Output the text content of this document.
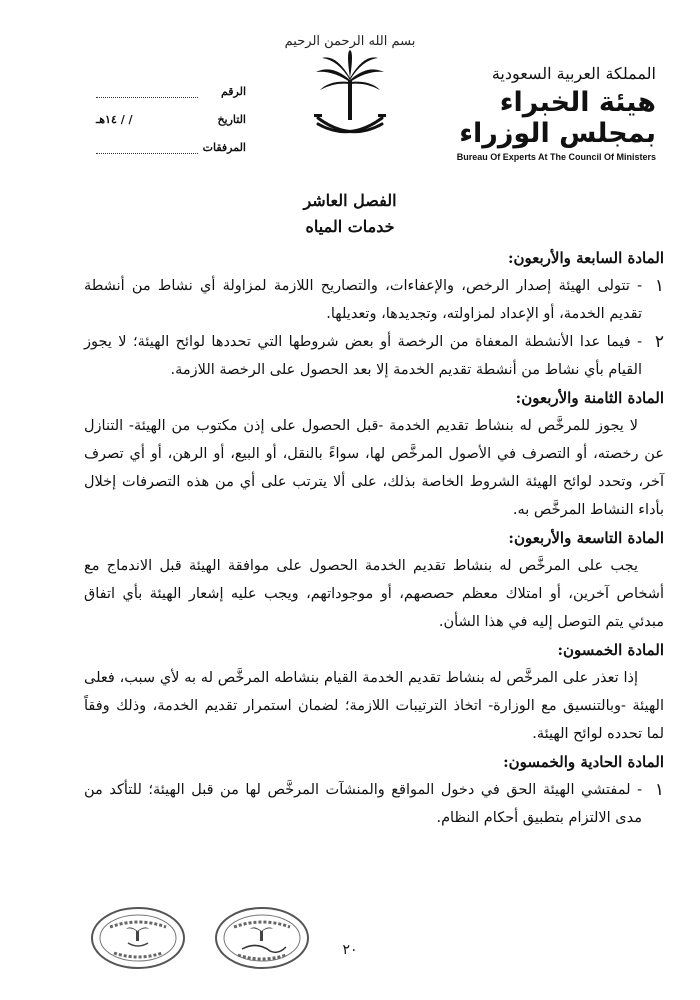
بسم الله الرحمن الرحيم
الرقم
التاريخ
/ / ١٤هـ
المرفقات
المملكة العربية السعودية
هيئة الخبراء بمجلس الوزراء
Bureau Of Experts At The Council Of Ministers
الفصل العاشر
خدمات المياه

المادة السابعة والأربعون:

١
- تتولى الهيئة إصدار الرخص، والإعفاءات، والتصاريح اللازمة لمزاولة أي نشاط من أنشطة تقديم الخدمة، أو الإعداد لمزاولته، وتجديدها، وتعديلها.
٢
- فيما عدا الأنشطة المعفاة من الرخصة أو بعض شروطها التي تحددها لوائح الهيئة؛ لا يجوز القيام بأي نشاط من أنشطة تقديم الخدمة إلا بعد الحصول على الرخصة اللازمة.

المادة الثامنة والأربعون:

لا يجوز للمرخَّص له بنشاط تقديم الخدمة -قبل الحصول على إذن مكتوب من الهيئة- التنازل عن رخصته، أو التصرف في الأصول المرخَّص لها، سواءً بالنقل، أو البيع، أو الرهن، أو أي تصرف آخر، وتحدد لوائح الهيئة الشروط الخاصة بذلك، على ألا يترتب على أي من هذه التصرفات إخلال بأداء النشاط المرخَّص به.

المادة التاسعة والأربعون:

يجب على المرخَّص له بنشاط تقديم الخدمة الحصول على موافقة الهيئة قبل الاندماج مع أشخاص آخرين، أو امتلاك معظم حصصهم، أو موجوداتهم، ويجب عليه إشعار الهيئة بأي اتفاق مبدئي يتم التوصل إليه في هذا الشأن.

المادة الخمسون:

إذا تعذر على المرخَّص له بنشاط تقديم الخدمة القيام بنشاطه المرخَّص له به لأي سبب، فعلى الهيئة -وبالتنسيق مع الوزارة- اتخاذ الترتيبات اللازمة؛ لضمان استمرار تقديم الخدمة، وذلك وفقاً لما تحدده لوائح الهيئة.

المادة الحادية والخمسون:

١
- لمفتشي الهيئة الحق في دخول المواقع والمنشآت المرخَّص لها من قبل الهيئة؛ للتأكد من مدى الالتزام بتطبيق أحكام النظام.
٢٠
